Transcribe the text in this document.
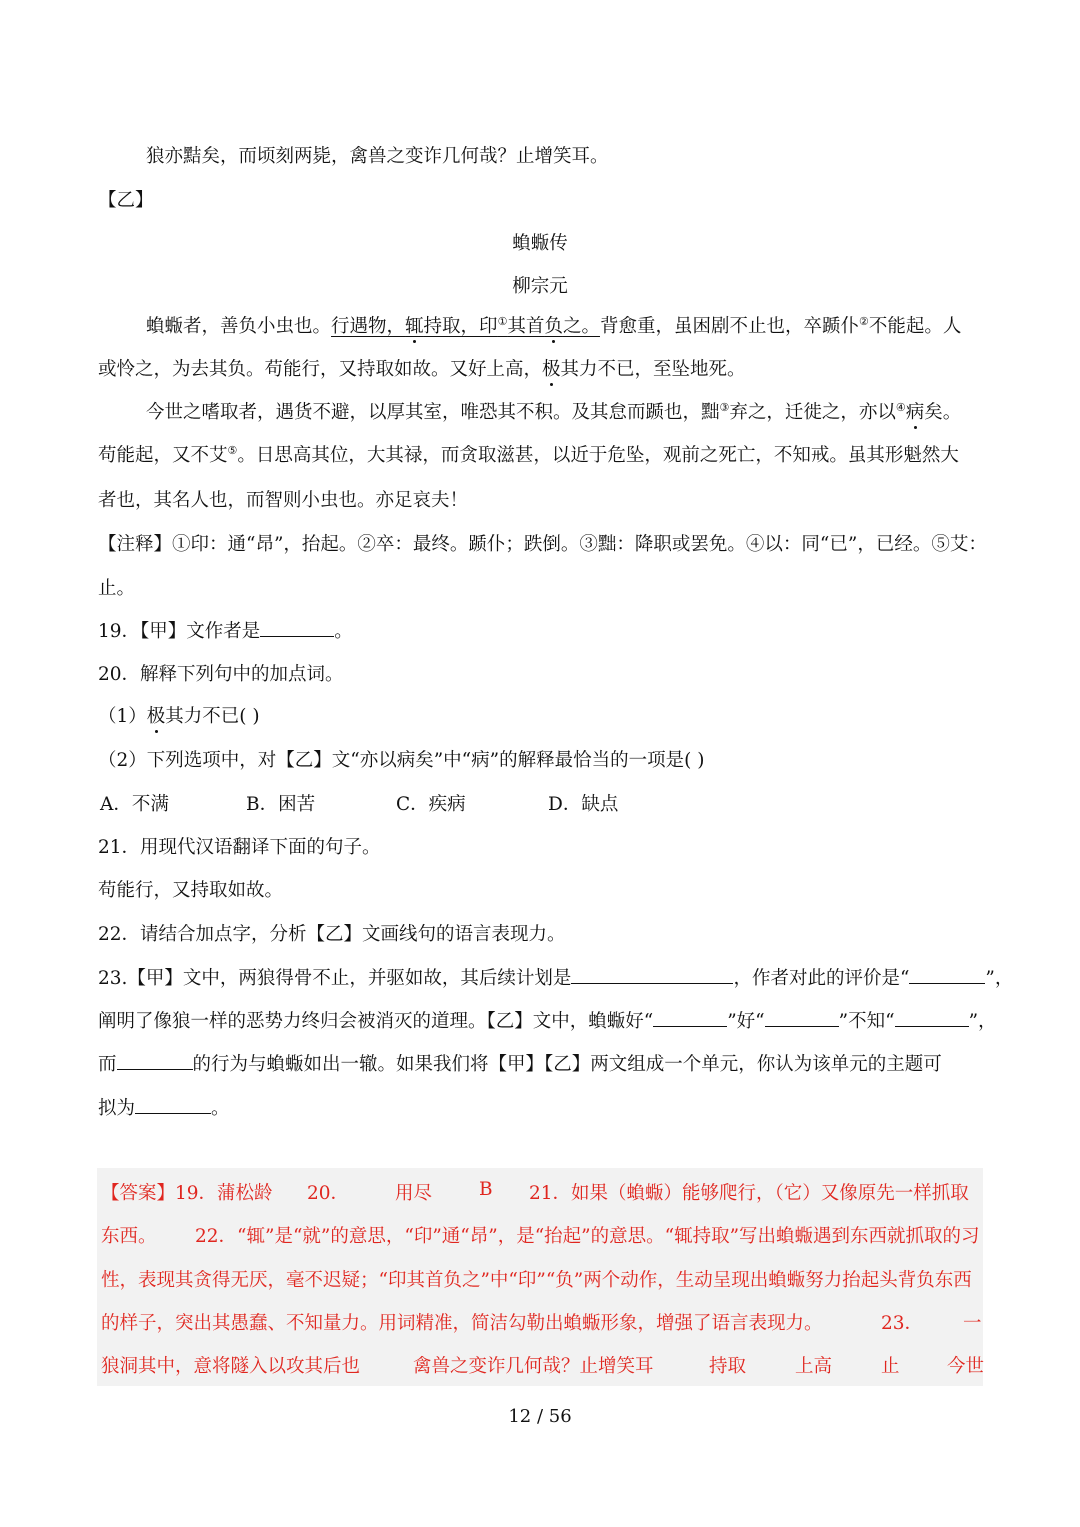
狼亦黠矣，而顷刻两毙，禽兽之变诈几何哉？止增笑耳。
【乙】
蝜蝂传
柳宗元
蝜蝂者，善负小虫也。行遇物，辄持取，印①其首负之。背愈重，虽困剧不止也，卒踬仆②不能起。人
或怜之，为去其负。苟能行，又持取如故。又好上高，极其力不已，至坠地死。
今世之嗜取者，遇货不避，以厚其室，唯恐其不积。及其怠而踬也，黜③弃之，迁徙之，亦以④病矣。
苟能起，又不艾⑤。日思高其位，大其禄，而贪取滋甚，以近于危坠，观前之死亡，不知戒。虽其形魁然大
者也，其名人也，而智则小虫也。亦足哀夫！
【注释】①印：通“昂”，抬起。②卒：最终。踬仆；跌倒。③黜：降职或罢免。④以：同“已”，已经。⑤艾：
止。
19．【甲】文作者是	。
20．解释下列句中的加点词。
（1）极其力不已( )
（2）下列选项中，对【乙】文“亦以病矣”中“病”的解释最恰当的一项是( )
A．不满	B．困苦	C．疾病	D．缺点
21．用现代汉语翻译下面的句子。
苟能行，又持取如故。
22．请结合加点字，分析【乙】文画线句的语言表现力。
23.【甲】文中，两狼得骨不止，并驱如故，其后续计划是	，作者对此的评价是“	”，
阐明了像狼一样的恶势力终归会被消灭的道理。【乙】文中，蝜蝂好“	”好“	”不知“	”，
而	的行为与蝜蝂如出一辙。如果我们将【甲】【乙】两文组成一个单元，你认为该单元的主题可
拟为	。
【答案】19．蒲松龄 20． 用尽	B 21．如果（蝜蝂）能够爬行，（它）又像原先一样抓取
东西。 22．“辄”是“就”的意思，“印”通“昂”，是“抬起”的意思。“辄持取”写出蝜蝂遇到东西就抓取的习
性，表现其贪得无厌，毫不迟疑；“印其首负之”中“印”“负”两个动作，生动呈现出蝜蝂努力抬起头背负东西
的样子，突出其愚蠢、不知量力。用词精准，简洁勾勒出蝜蝂形象，增强了语言表现力。	23． 一
狼洞其中，意将隧入以攻其后也	禽兽之变诈几何哉？止增笑耳	持取	上高	止	今世
12 / 56
